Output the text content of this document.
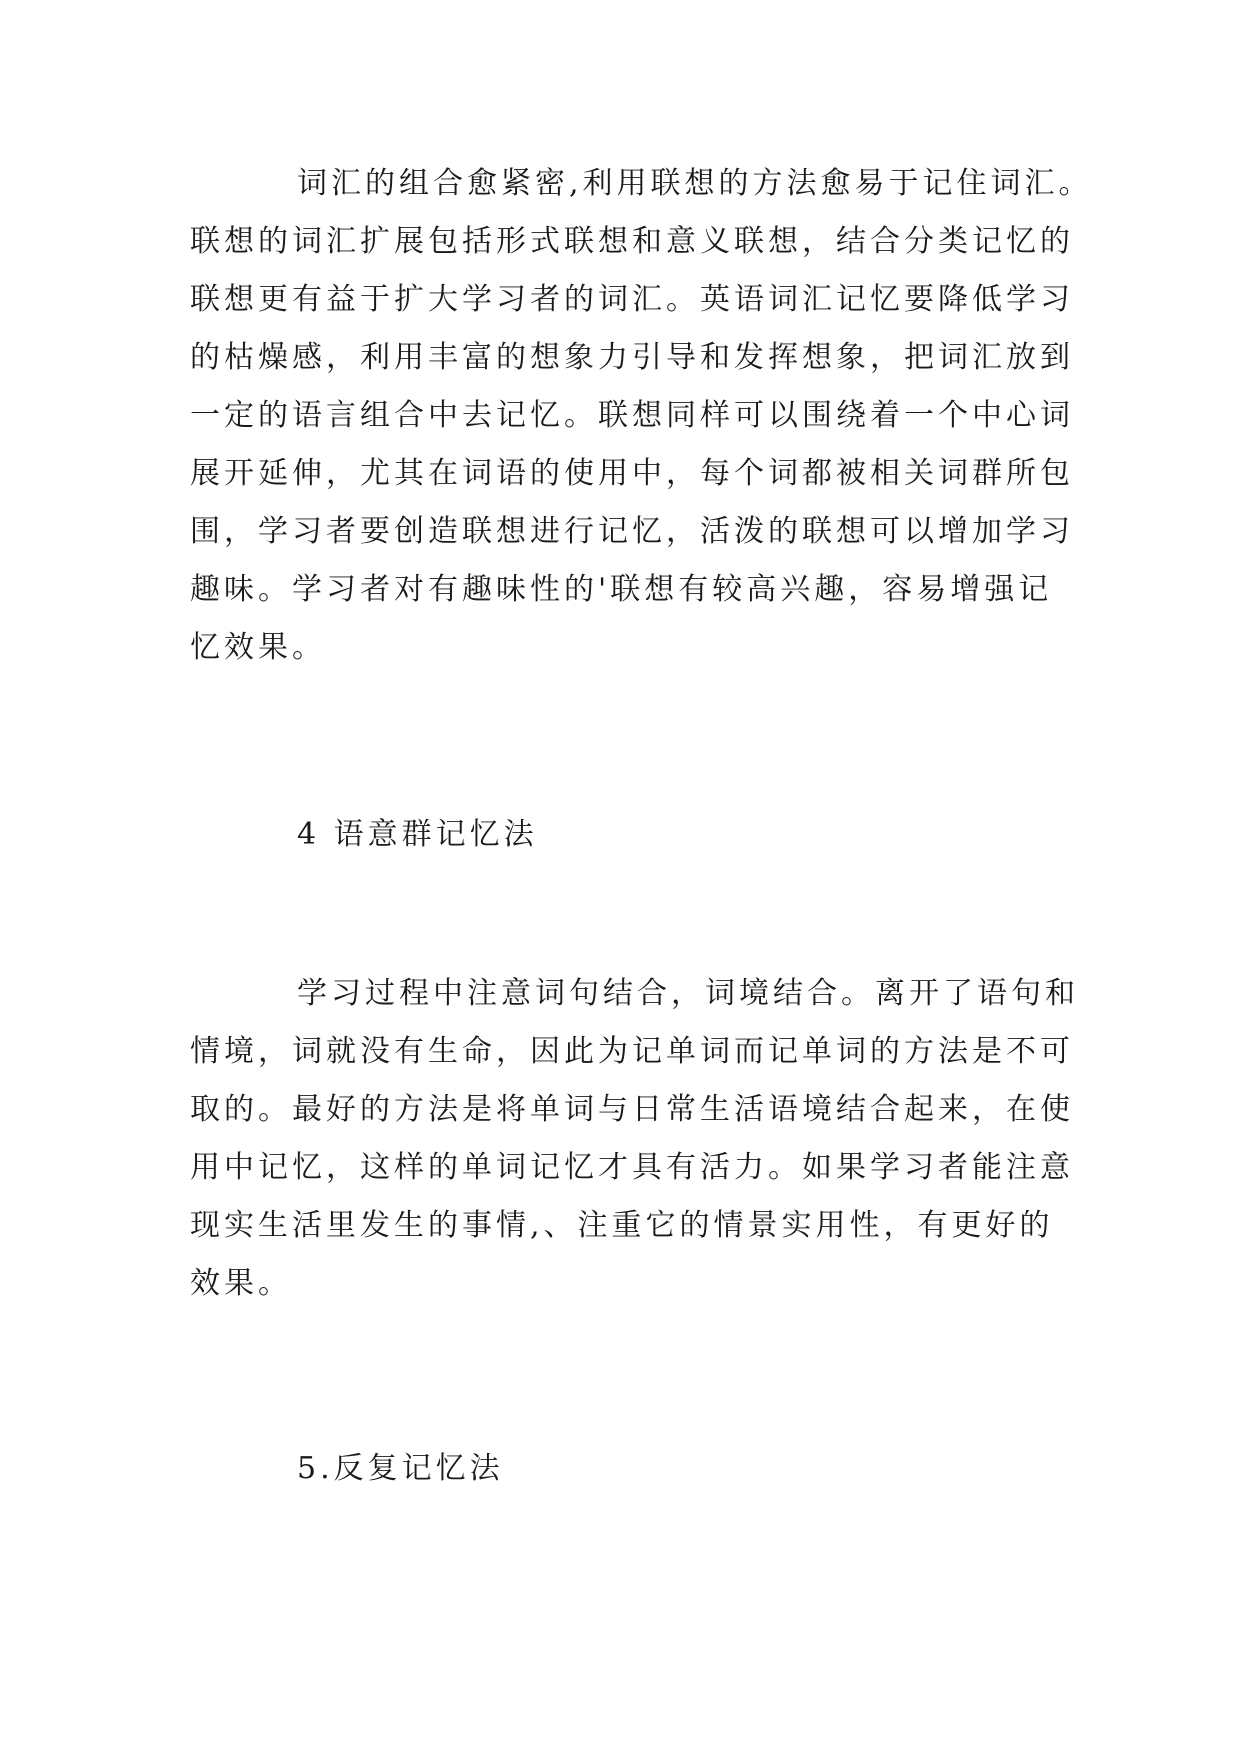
词汇的组合愈紧密,利用联想的方法愈易于记住词汇。
联想的词汇扩展包括形式联想和意义联想，结合分类记忆的
联想更有益于扩大学习者的词汇。英语词汇记忆要降低学习
的枯燥感，利用丰富的想象力引导和发挥想象，把词汇放到
一定的语言组合中去记忆。联想同样可以围绕着一个中心词
展开延伸，尤其在词语的使用中，每个词都被相关词群所包
围，学习者要创造联想进行记忆，活泼的联想可以增加学习
趣味。学习者对有趣味性的'联想有较高兴趣，容易增强记
忆效果。
4 语意群记忆法
学习过程中注意词句结合，词境结合。离开了语句和
情境，词就没有生命，因此为记单词而记单词的方法是不可
取的。最好的方法是将单词与日常生活语境结合起来，在使
用中记忆，这样的单词记忆才具有活力。如果学习者能注意
现实生活里发生的事情,、注重它的情景实用性，有更好的
效果。
5.反复记忆法
